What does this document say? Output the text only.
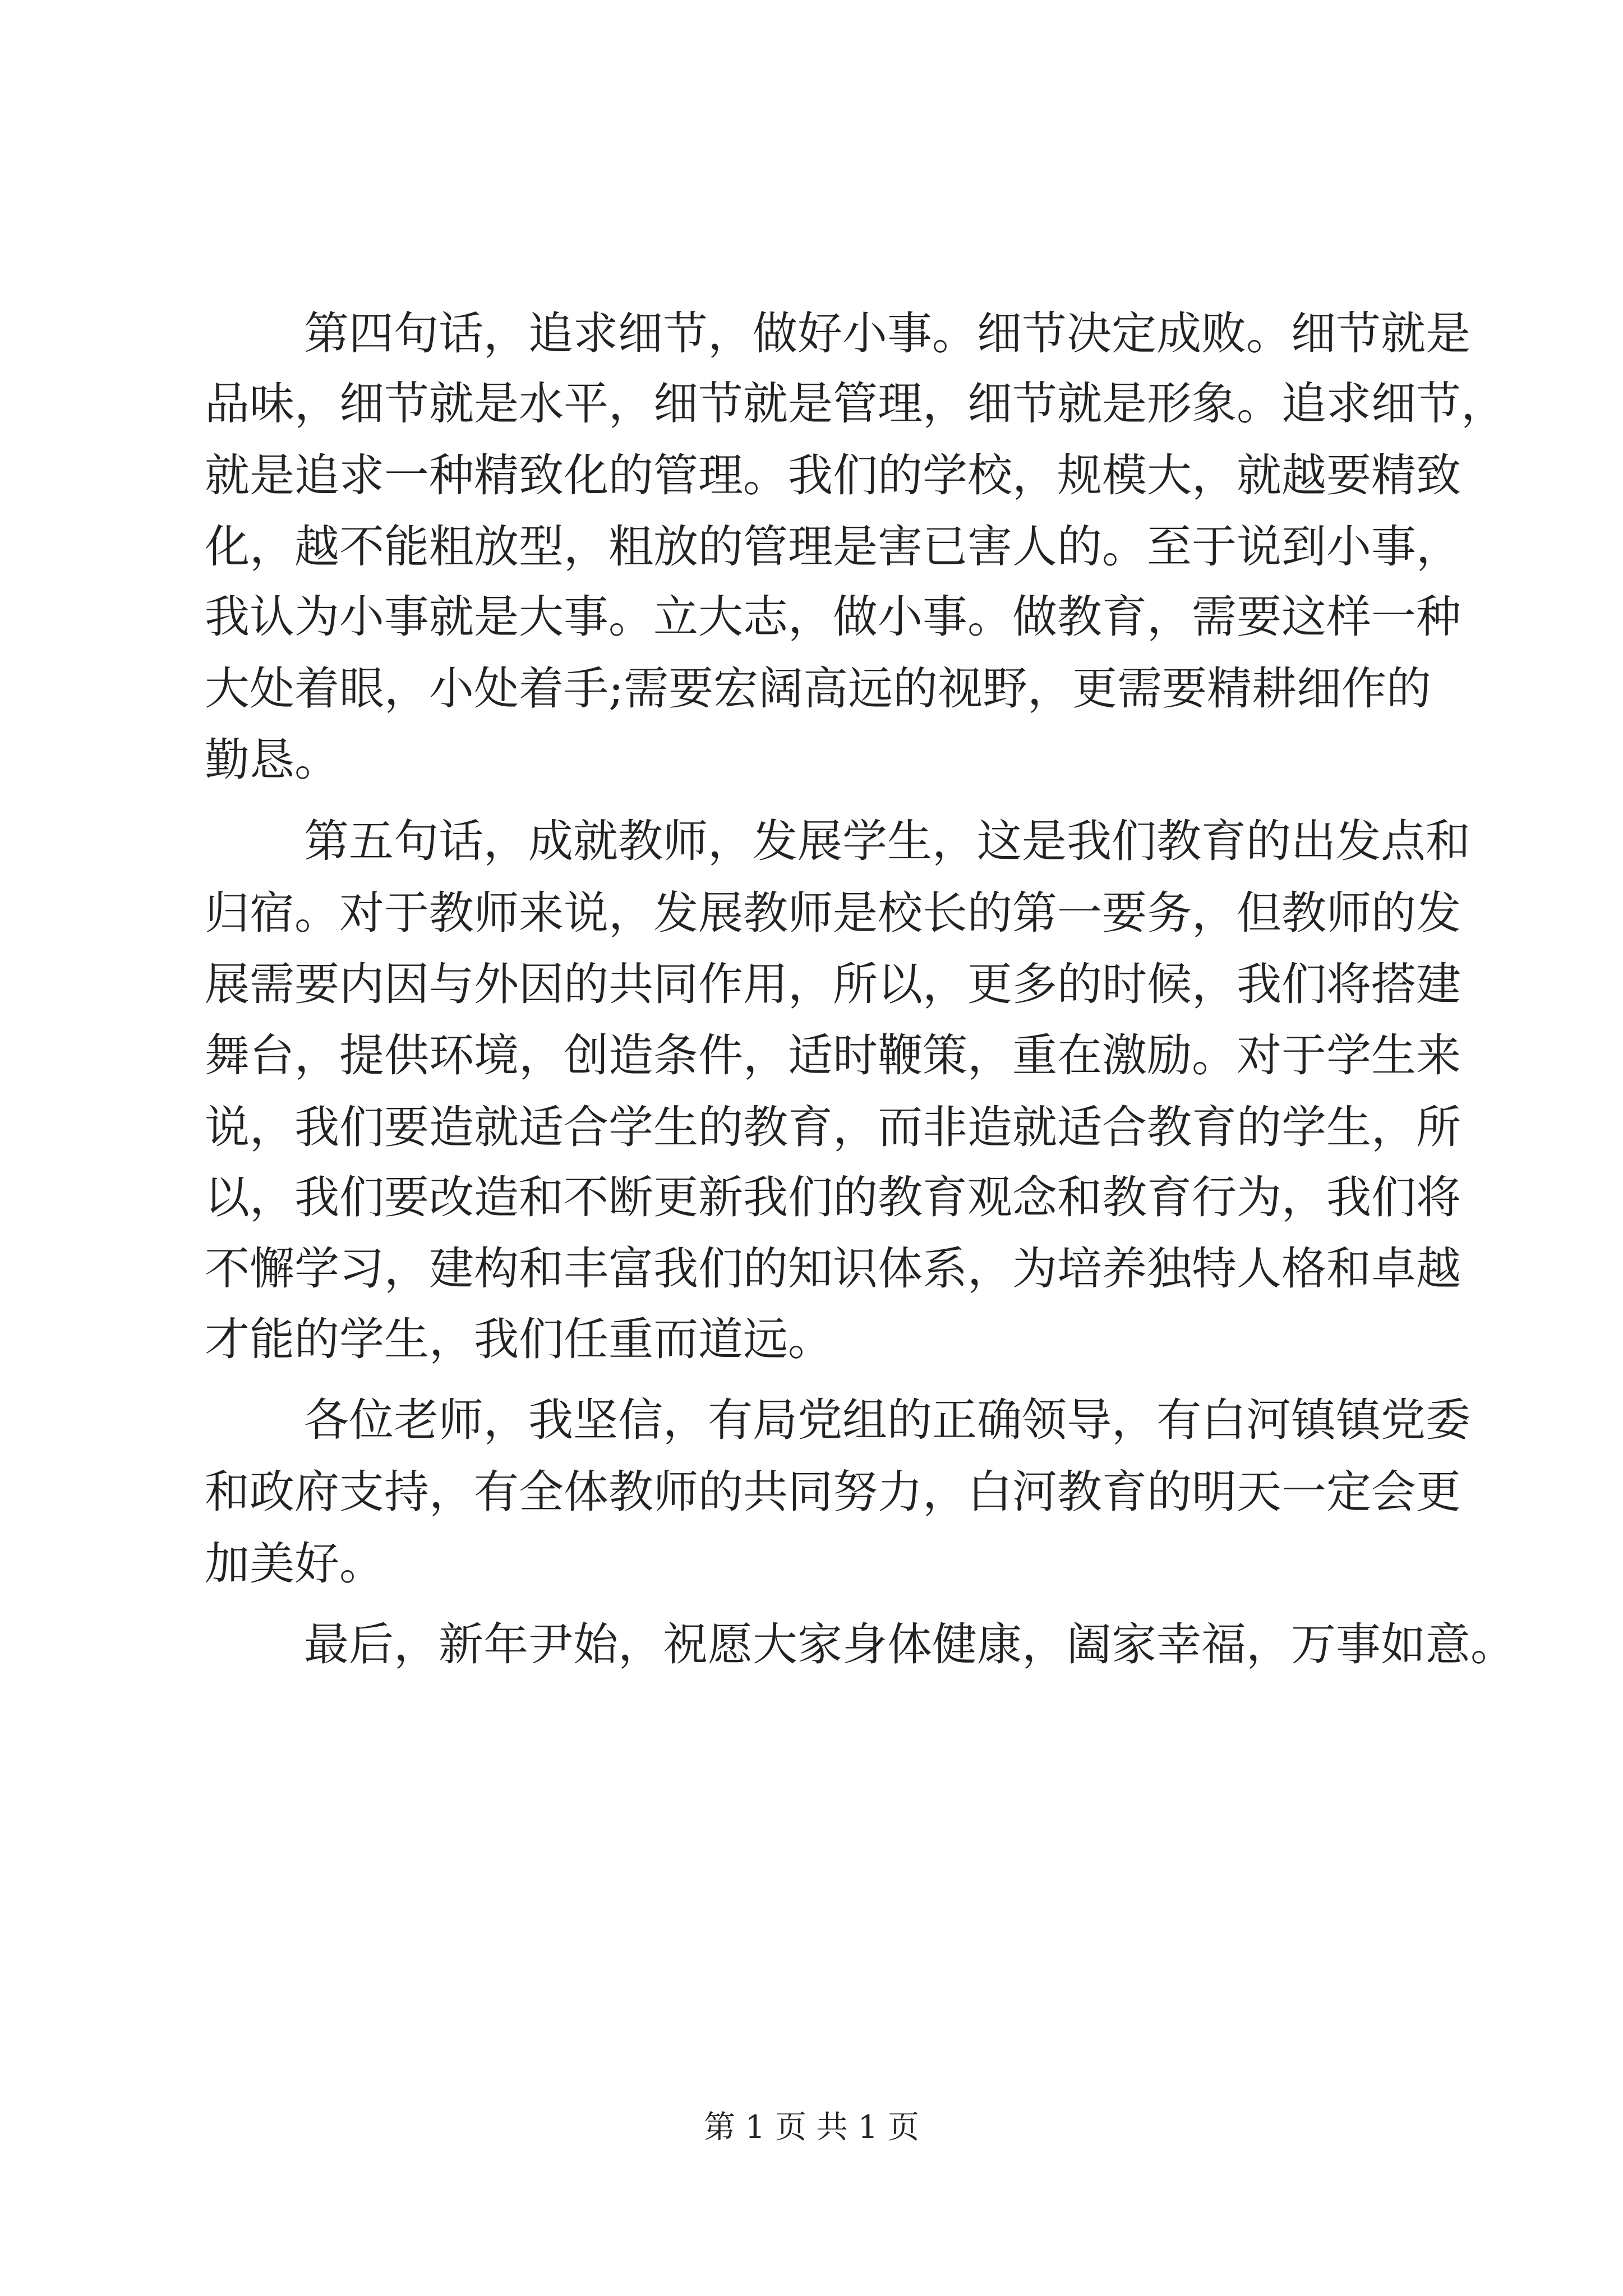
第四句话，追求细节，做好小事。细节决定成败。细节就是
品味，细节就是水平，细节就是管理，细节就是形象。追求细节，
就是追求一种精致化的管理。我们的学校，规模大，就越要精致
化，越不能粗放型，粗放的管理是害已害人的。至于说到小事，
我认为小事就是大事。立大志，做小事。做教育，需要这样一种
大处着眼，小处着手;需要宏阔高远的视野，更需要精耕细作的
勤恳。
第五句话，成就教师，发展学生，这是我们教育的出发点和
归宿。对于教师来说，发展教师是校长的第一要务，但教师的发
展需要内因与外因的共同作用，所以，更多的时候，我们将搭建
舞台，提供环境，创造条件，适时鞭策，重在激励。对于学生来
说，我们要造就适合学生的教育，而非造就适合教育的学生，所
以，我们要改造和不断更新我们的教育观念和教育行为，我们将
不懈学习，建构和丰富我们的知识体系，为培养独特人格和卓越
才能的学生，我们任重而道远。
各位老师，我坚信，有局党组的正确领导，有白河镇镇党委
和政府支持，有全体教师的共同努力，白河教育的明天一定会更
加美好。
最后，新年尹始，祝愿大家身体健康，阖家幸福，万事如意。
第 1 页 共 1 页
